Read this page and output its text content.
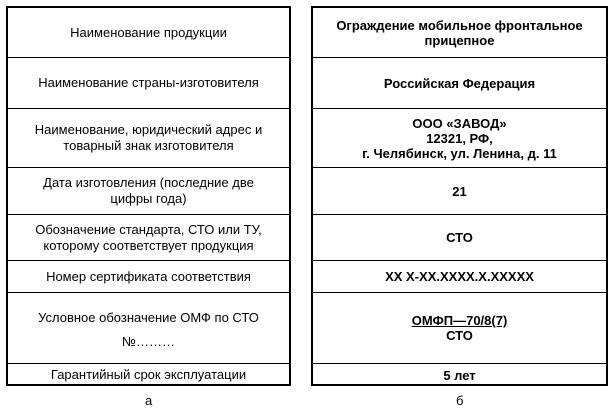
Наименование продукции
Наименование страны-изготовителя
Наименование, юридический адрес и
товарный знак изготовителя
Дата изготовления (последние две
цифры года)
Обозначение стандарта, СТО или ТУ,
которому соответствует продукция
Номер сертификата соответствия
Условное обозначение ОМФ по СТО
№………
Гарантийный срок эксплуатации
Ограждение мобильное фронтальное
прицепное
Российская Федерация
ООО «ЗАВОД»
12321, РФ,
г. Челябинск, ул. Ленина, д. 11
21
СТО
ХХ Х-ХХ.ХХХХ.Х.ХХХХХ
ОМФП—70/8(7)
СТО
5 лет
а	б
